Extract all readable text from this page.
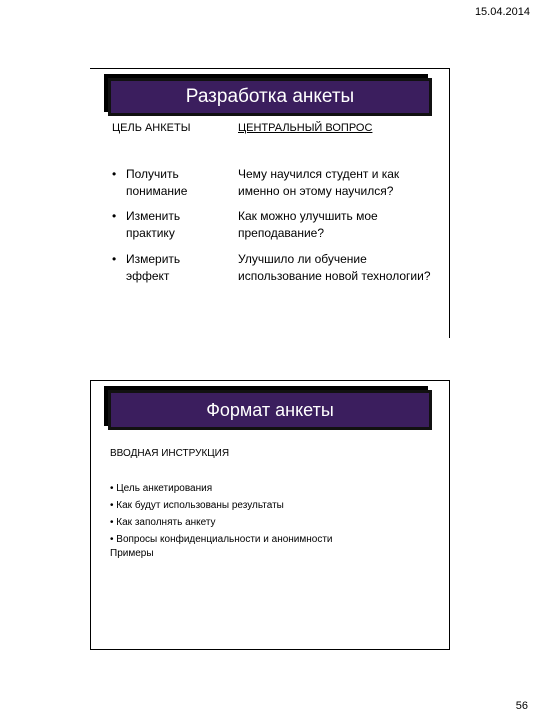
15.04.2014
Разработка анкеты
ЦЕЛЬ АНКЕТЫ	ЦЕНТРАЛЬНЫЙ ВОПРОС
• Получить понимание
Чему научился студент и как именно он этому научился?
• Изменить практику
Как можно улучшить мое преподавание?
• Измерить эффект
Улучшило ли обучение использование новой технологии?
Формат анкеты
ВВОДНАЯ ИНСТРУКЦИЯ
• Цель анкетирования
• Как будут использованы результаты
• Как заполнять анкету
• Вопросы конфиденциальности и анонимности
Примеры
56
